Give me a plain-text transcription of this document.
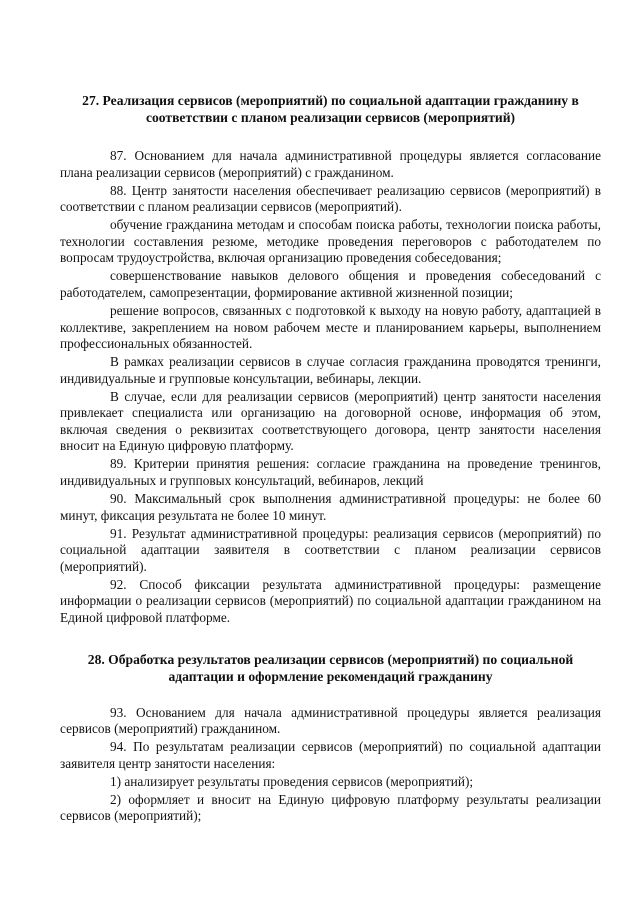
27. Реализация сервисов (мероприятий) по социальной адаптации гражданину в соответствии с планом реализации сервисов (мероприятий)

87. Основанием для начала административной процедуры является согласование плана реализации сервисов (мероприятий) с гражданином.

88. Центр занятости населения обеспечивает реализацию сервисов (мероприятий) в соответствии с планом реализации сервисов (мероприятий).

обучение гражданина методам и способам поиска работы, технологии поиска работы, технологии составления резюме, методике проведения переговоров с работодателем по вопросам трудоустройства, включая организацию проведения собеседования;

совершенствование навыков делового общения и проведения собеседований с работодателем, самопрезентации, формирование активной жизненной позиции;

решение вопросов, связанных с подготовкой к выходу на новую работу, адаптацией в коллективе, закреплением на новом рабочем месте и планированием карьеры, выполнением профессиональных обязанностей.

В рамках реализации сервисов в случае согласия гражданина проводятся тренинги, индивидуальные и групповые консультации, вебинары, лекции.

В случае, если для реализации сервисов (мероприятий) центр занятости населения привлекает специалиста или организацию на договорной основе, информация об этом, включая сведения о реквизитах соответствующего договора, центр занятости населения вносит на Единую цифровую платформу.

89. Критерии принятия решения: согласие гражданина на проведение тренингов, индивидуальных и групповых консультаций, вебинаров, лекций

90. Максимальный срок выполнения административной процедуры: не более 60 минут, фиксация результата не более 10 минут.

91. Результат административной процедуры: реализация сервисов (мероприятий) по социальной адаптации заявителя в соответствии с планом реализации сервисов (мероприятий).

92. Способ фиксации результата административной процедуры: размещение информации о реализации сервисов (мероприятий) по социальной адаптации гражданином на Единой цифровой платформе.

28. Обработка результатов реализации сервисов (мероприятий) по социальной адаптации и оформление рекомендаций гражданину

93. Основанием для начала административной процедуры является реализация сервисов (мероприятий) гражданином.

94. По результатам реализации сервисов (мероприятий) по социальной адаптации заявителя центр занятости населения:

1) анализирует результаты проведения сервисов (мероприятий);

2) оформляет и вносит на Единую цифровую платформу результаты реализации сервисов (мероприятий);
